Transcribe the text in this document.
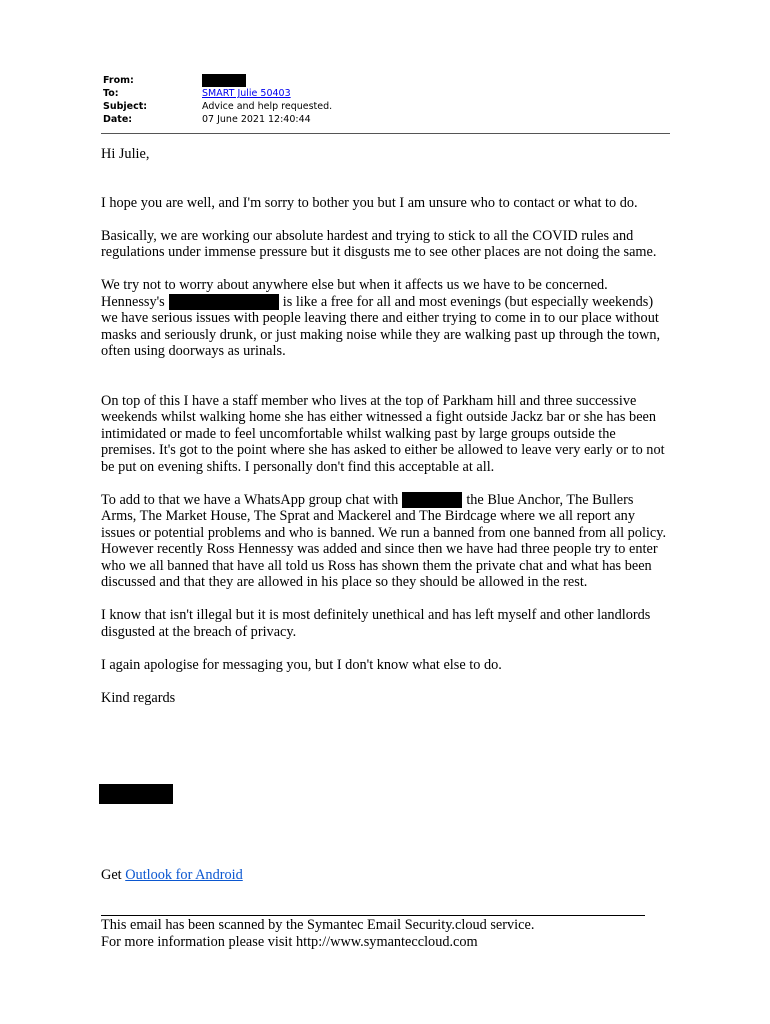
From:
To:	SMART Julie 50403
Subject:	Advice and help requested.
Date:	07 June 2021 12:40:44

Hi Julie,

I hope you are well, and I'm sorry to bother you but I am unsure who to contact or what to do.

Basically, we are working our absolute hardest and trying to stick to all the COVID rules and regulations under immense pressure but it disgusts me to see other places are not doing the same.

We try not to worry about anywhere else but when it affects us we have to be concerned. Hennessy's	is like a free for all and most evenings (but especially weekends) we have serious issues with people leaving there and either trying to come in to our place without masks and seriously drunk, or just making noise while they are walking past up through the town, often using doorways as urinals.

On top of this I have a staff member who lives at the top of Parkham hill and three successive weekends whilst walking home she has either witnessed a fight outside Jackz bar or she has been intimidated or made to feel uncomfortable whilst walking past by large groups outside the premises. It's got to the point where she has asked to either be allowed to leave very early or to not be put on evening shifts. I personally don't find this acceptable at all.

To add to that we have a WhatsApp group chat with	the Blue Anchor, The Bullers Arms, The Market House, The Sprat and Mackerel and The Birdcage where we all report any issues or potential problems and who is banned. We run a banned from one banned from all policy. However recently Ross Hennessy was added and since then we have had three people try to enter who we all banned that have all told us Ross has shown them the private chat and what has been discussed and that they are allowed in his place so they should be allowed in the rest.

I know that isn't illegal but it is most definitely unethical and has left myself and other landlords disgusted at the breach of privacy.

I again apologise for messaging you, but I don't know what else to do.

Kind regards

Get Outlook for Android
This email has been scanned by the Symantec Email Security.cloud service.
For more information please visit http://www.symanteccloud.com
